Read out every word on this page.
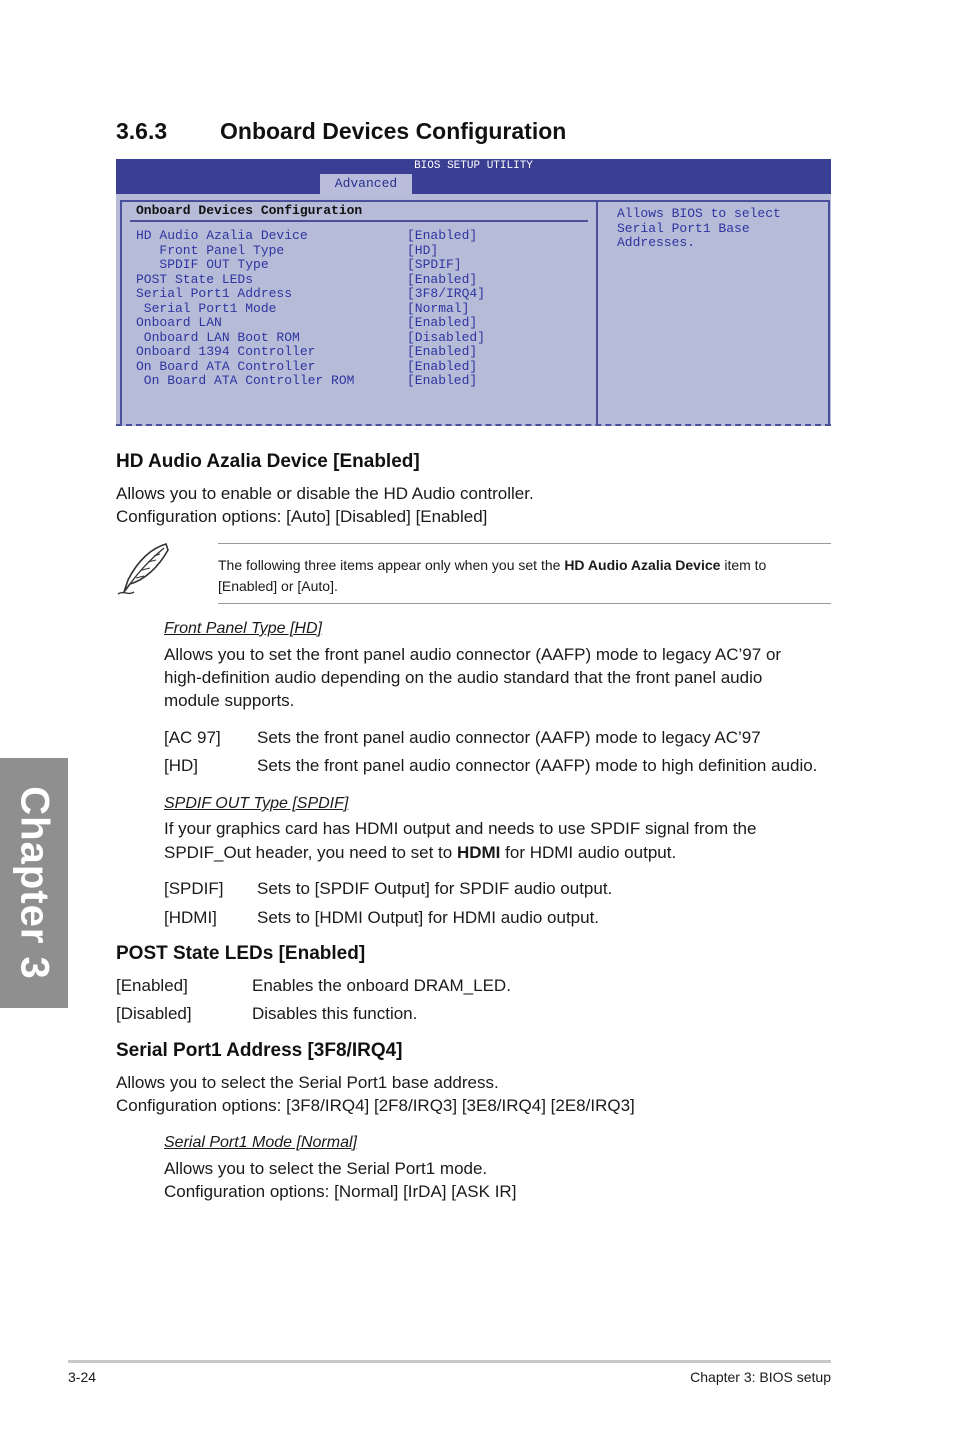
Chapter 3
3.6.3 Onboard Devices Configuration
BIOS SETUP UTILITY
Advanced
Onboard Devices Configuration
HD Audio Azalia Device	[Enabled]
Front Panel Type	[HD]
SPDIF OUT Type	[SPDIF]
POST State LEDs	[Enabled]
Serial Port1 Address	[3F8/IRQ4]
Serial Port1 Mode	[Normal]
Onboard LAN	[Enabled]
Onboard LAN Boot ROM	[Disabled]
Onboard 1394 Controller	[Enabled]
On Board ATA Controller	[Enabled]
On Board ATA Controller ROM	[Enabled]
Allows BIOS to select
Serial Port1 Base
Addresses.
HD Audio Azalia Device [Enabled]
Allows you to enable or disable the HD Audio controller.
Configuration options: [Auto] [Disabled] [Enabled]
The following three items appear only when you set the HD Audio Azalia Device item to
[Enabled] or [Auto].
Front Panel Type [HD]
Allows you to set the front panel audio connector (AAFP) mode to legacy AC’97 or
high-definition audio depending on the audio standard that the front panel audio
module supports.
[AC 97] Sets the front panel audio connector (AAFP) mode to legacy AC’97
[HD]	Sets the front panel audio connector (AAFP) mode to high definition audio.
SPDIF OUT Type [SPDIF]
If your graphics card has HDMI output and needs to use SPDIF signal from the
SPDIF_Out header, you need to set to HDMI for HDMI audio output.
[SPDIF] Sets to [SPDIF Output] for SPDIF audio output.
[HDMI] Sets to [HDMI Output] for HDMI audio output.
POST State LEDs [Enabled]
[Enabled]	Enables the onboard DRAM_LED.
[Disabled]	Disables this function.
Serial Port1 Address [3F8/IRQ4]
Allows you to select the Serial Port1 base address.
Configuration options: [3F8/IRQ4] [2F8/IRQ3] [3E8/IRQ4] [2E8/IRQ3]
Serial Port1 Mode [Normal]
Allows you to select the Serial Port1 mode.
Configuration options: [Normal] [IrDA] [ASK IR]
3-24	Chapter 3: BIOS setup
